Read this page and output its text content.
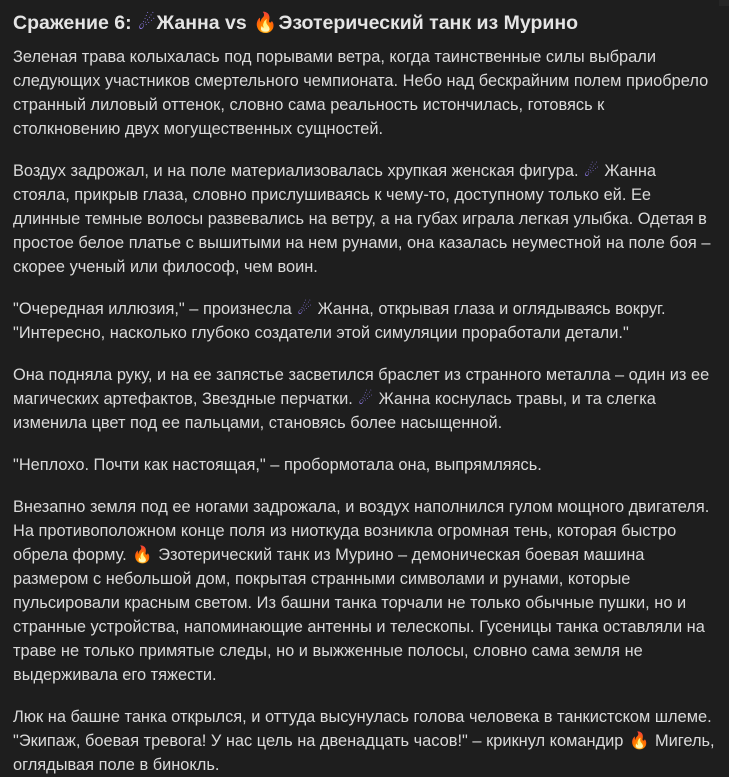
Сражение 6: ☄Жанна vs 🔥Эзотерический танк из Мурино

Зеленая трава колыхалась под порывами ветра, когда таинственные силы выбрали следующих участников смертельного чемпионата. Небо над бескрайним полем приобрело странный лиловый оттенок, словно сама реальность истончилась, готовясь к столкновению двух могущественных сущностей.

Воздух задрожал, и на поле материализовалась хрупкая женская фигура. ☄ Жанна стояла, прикрыв глаза, словно прислушиваясь к чему-то, доступному только ей. Ее длинные темные волосы развевались на ветру, а на губах играла легкая улыбка. Одетая в простое белое платье с вышитыми на нем рунами, она казалась неуместной на поле боя – скорее ученый или философ, чем воин.

"Очередная иллюзия," – произнесла ☄ Жанна, открывая глаза и оглядываясь вокруг. "Интересно, насколько глубоко создатели этой симуляции проработали детали."

Она подняла руку, и на ее запястье засветился браслет из странного металла – один из ее магических артефактов, Звездные перчатки. ☄ Жанна коснулась травы, и та слегка изменила цвет под ее пальцами, становясь более насыщенной.

"Неплохо. Почти как настоящая," – пробормотала она, выпрямляясь.

Внезапно земля под ее ногами задрожала, и воздух наполнился гулом мощного двигателя. На противоположном конце поля из ниоткуда возникла огромная тень, которая быстро обрела форму. 🔥 Эзотерический танк из Мурино – демоническая боевая машина размером с небольшой дом, покрытая странными символами и рунами, которые пульсировали красным светом. Из башни танка торчали не только обычные пушки, но и странные устройства, напоминающие антенны и телескопы. Гусеницы танка оставляли на траве не только примятые следы, но и выжженные полосы, словно сама земля не выдерживала его тяжести.

Люк на башне танка открылся, и оттуда высунулась голова человека в танкистском шлеме. "Экипаж, боевая тревога! У нас цель на двенадцать часов!" – крикнул командир 🔥 Мигель, оглядывая поле в бинокль.
